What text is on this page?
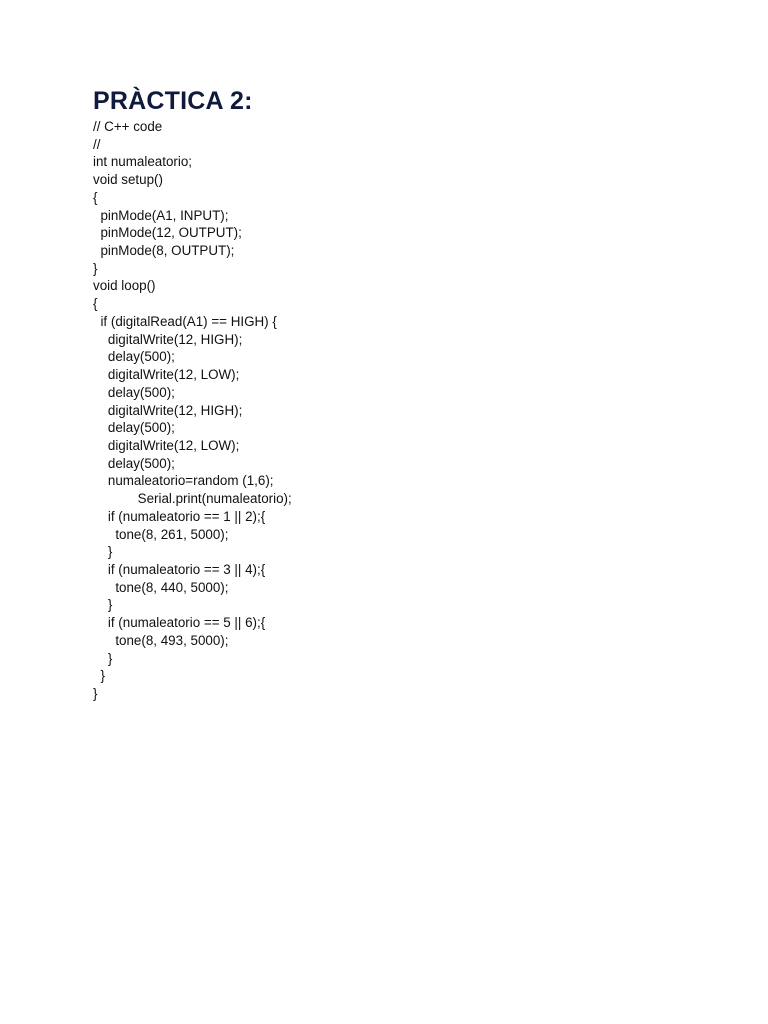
PRÀCTICA 2:
// C++ code
//
int numaleatorio;
void setup()
{
pinMode(A1, INPUT);
pinMode(12, OUTPUT);
pinMode(8, OUTPUT);
}
void loop()
{
if (digitalRead(A1) == HIGH) {
digitalWrite(12, HIGH);
delay(500);
digitalWrite(12, LOW);
delay(500);
digitalWrite(12, HIGH);
delay(500);
digitalWrite(12, LOW);
delay(500);
numaleatorio=random (1,6);
Serial.print(numaleatorio);
if (numaleatorio == 1 || 2);{
tone(8, 261, 5000);
}
if (numaleatorio == 3 || 4);{
tone(8, 440, 5000);
}
if (numaleatorio == 5 || 6);{
tone(8, 493, 5000);
}
}
}
